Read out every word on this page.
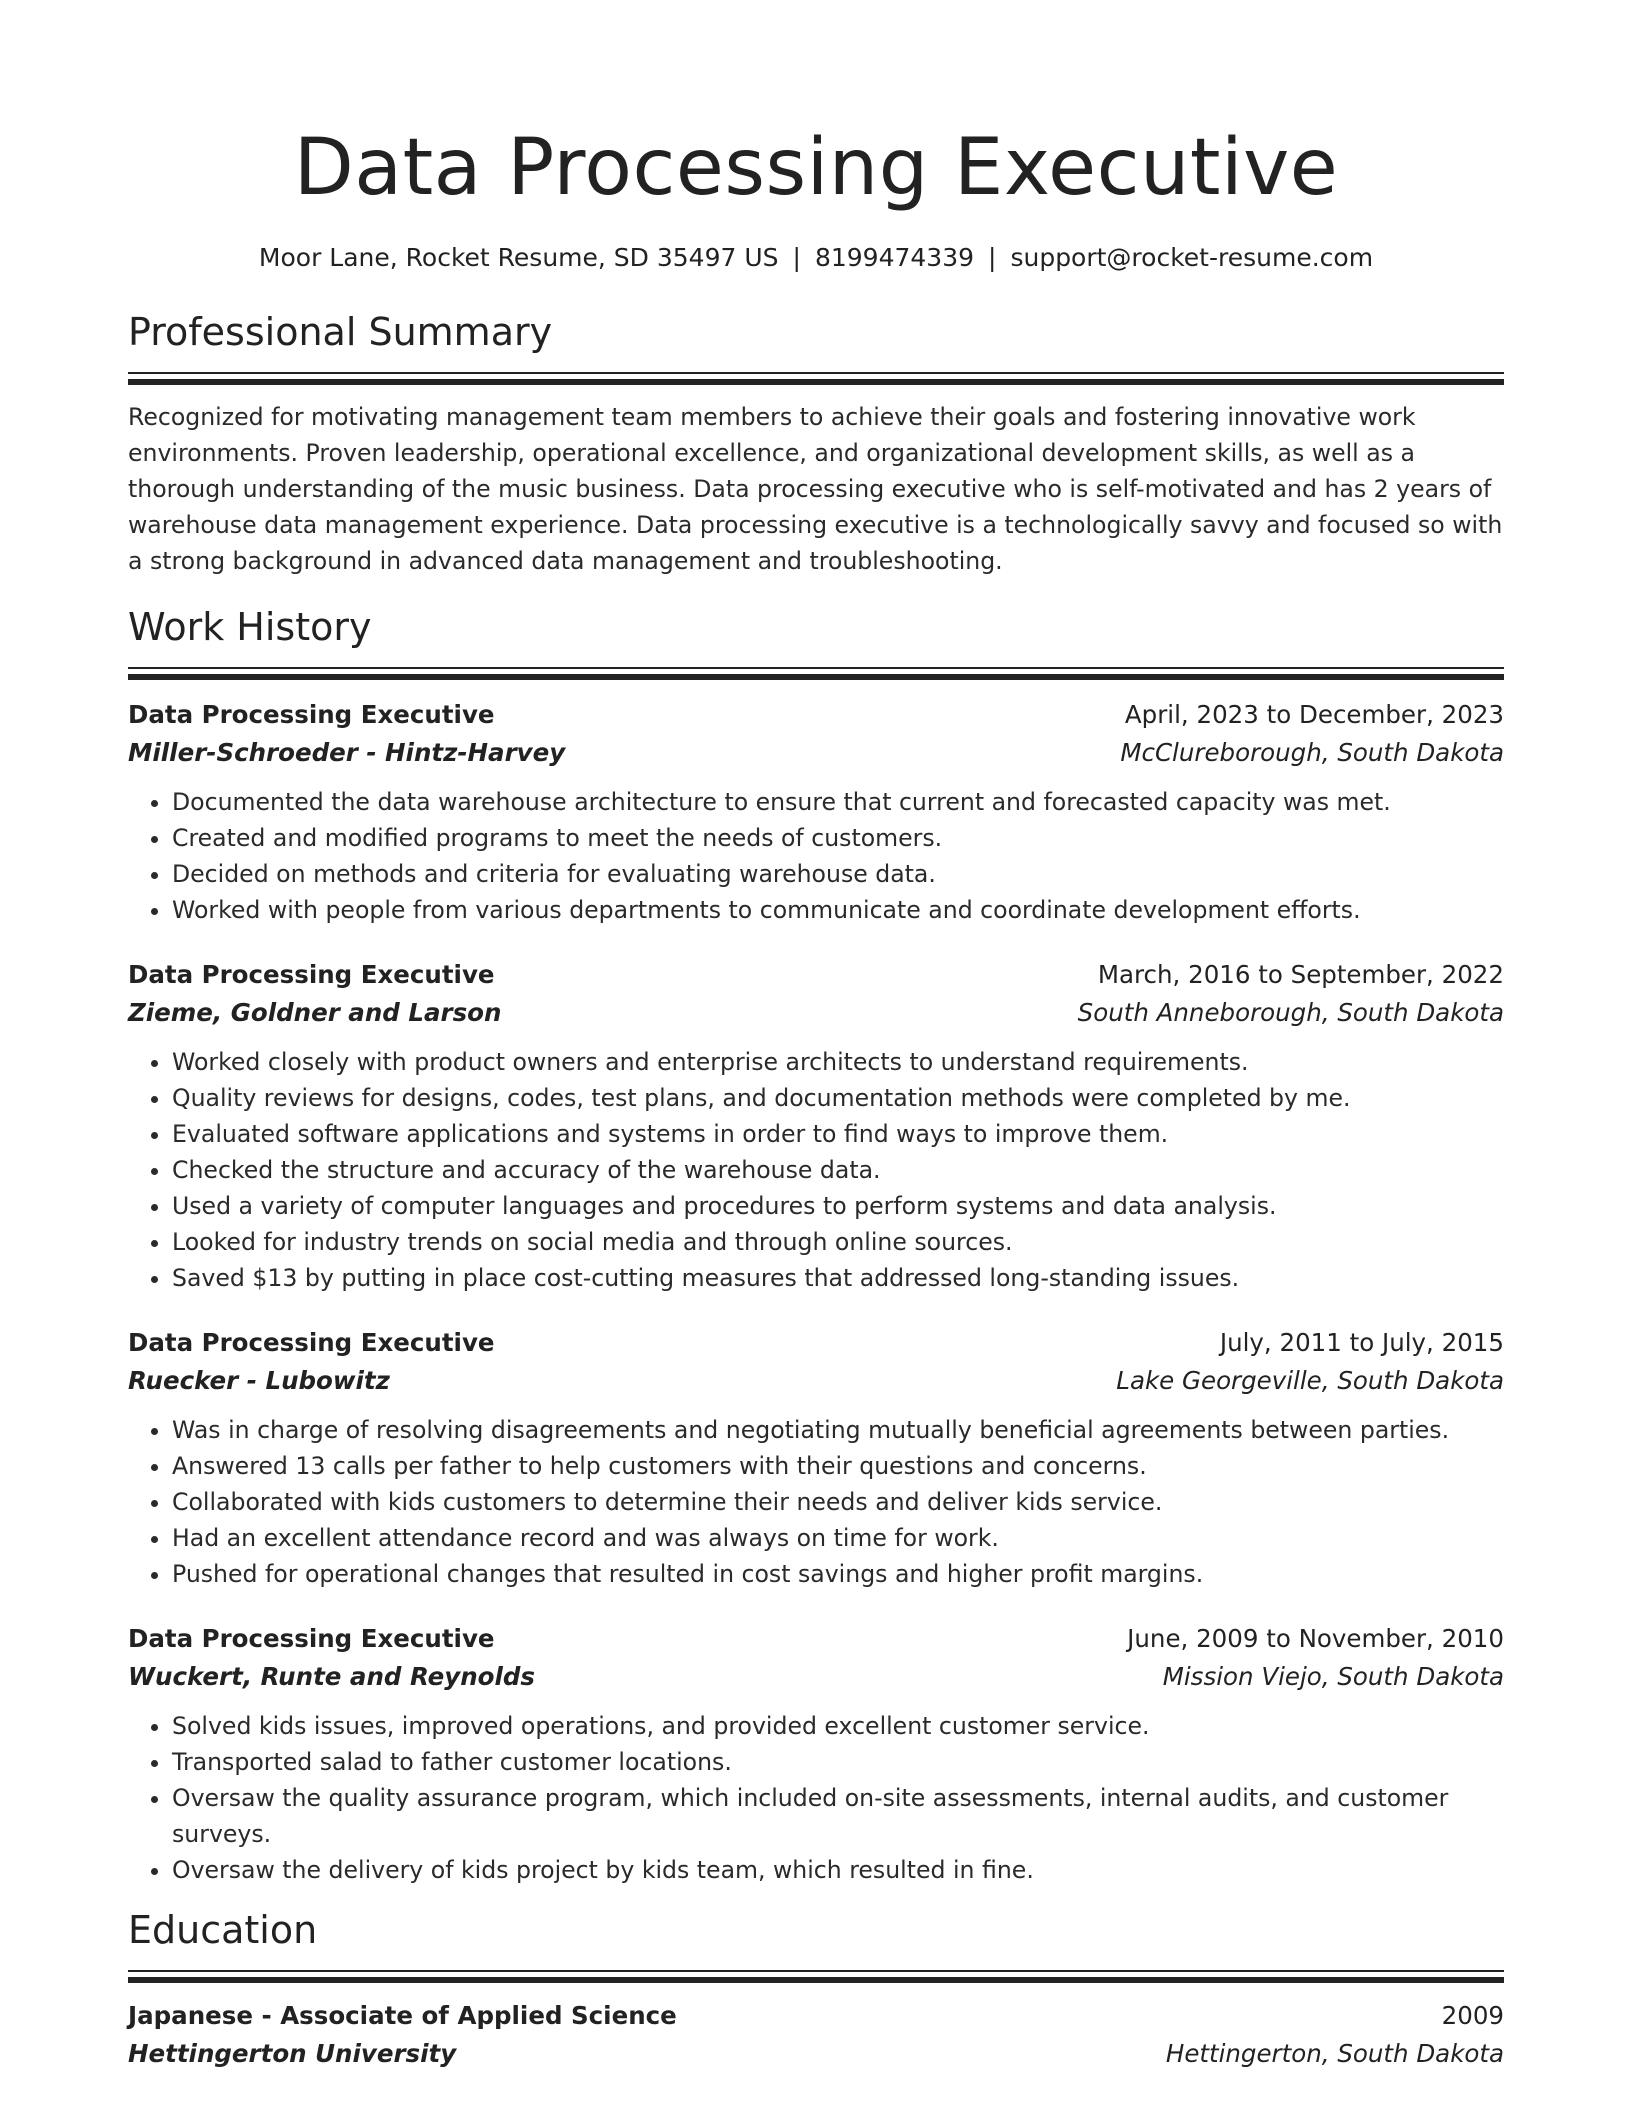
Data Processing Executive
Moor Lane, Rocket Resume, SD 35497 US | 8199474339 | support@rocket-resume.com
Professional Summary
Recognized for motivating management team members to achieve their goals and fostering innovative work environments. Proven leadership, operational excellence, and organizational development skills, as well as a thorough understanding of the music business. Data processing executive who is self-motivated and has 2 years of warehouse data management experience. Data processing executive is a technologically savvy and focused so with a strong background in advanced data management and troubleshooting.
Work History
Data Processing Executive	April, 2023 to December, 2023
Miller-Schroeder - Hintz-Harvey	McClureborough, South Dakota
• Documented the data warehouse architecture to ensure that current and forecasted capacity was met.
• Created and modified programs to meet the needs of customers.
• Decided on methods and criteria for evaluating warehouse data.
• Worked with people from various departments to communicate and coordinate development efforts.
Data Processing Executive	March, 2016 to September, 2022
Zieme, Goldner and Larson	South Anneborough, South Dakota
• Worked closely with product owners and enterprise architects to understand requirements.
• Quality reviews for designs, codes, test plans, and documentation methods were completed by me.
• Evaluated software applications and systems in order to find ways to improve them.
• Checked the structure and accuracy of the warehouse data.
• Used a variety of computer languages and procedures to perform systems and data analysis.
• Looked for industry trends on social media and through online sources.
• Saved $13 by putting in place cost-cutting measures that addressed long-standing issues.
Data Processing Executive	July, 2011 to July, 2015
Ruecker - Lubowitz	Lake Georgeville, South Dakota
• Was in charge of resolving disagreements and negotiating mutually beneficial agreements between parties.
• Answered 13 calls per father to help customers with their questions and concerns.
• Collaborated with kids customers to determine their needs and deliver kids service.
• Had an excellent attendance record and was always on time for work.
• Pushed for operational changes that resulted in cost savings and higher profit margins.
Data Processing Executive	June, 2009 to November, 2010
Wuckert, Runte and Reynolds	Mission Viejo, South Dakota
• Solved kids issues, improved operations, and provided excellent customer service.
• Transported salad to father customer locations.
• Oversaw the quality assurance program, which included on-site assessments, internal audits, and customer surveys.
• Oversaw the delivery of kids project by kids team, which resulted in fine.
Education
Japanese - Associate of Applied Science	2009
Hettingerton University	Hettingerton, South Dakota
